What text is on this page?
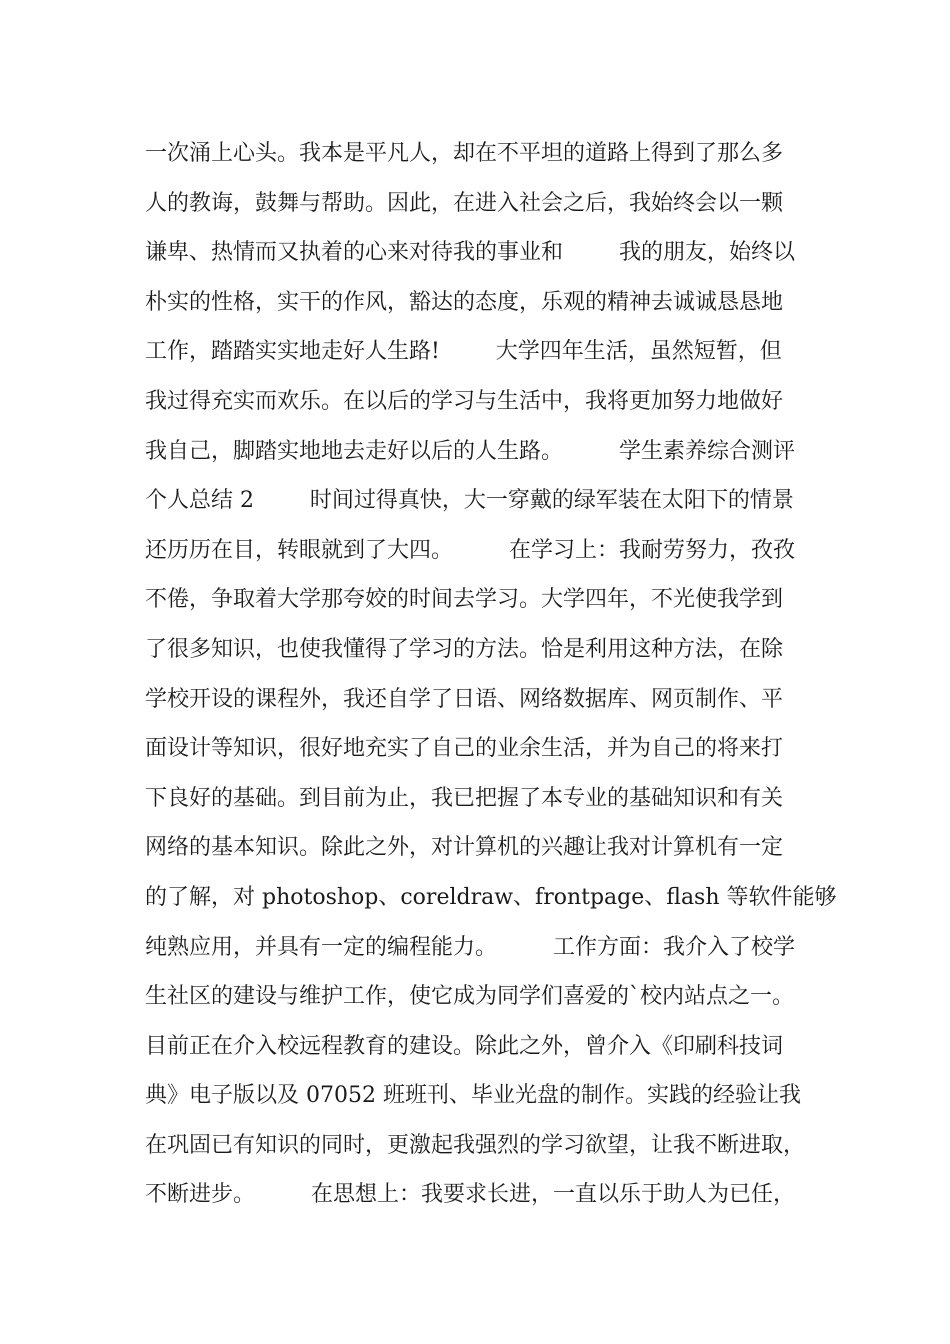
一次涌上心头。我本是平凡人，却在不平坦的道路上得到了那么多
人的教诲，鼓舞与帮助。因此，在进入社会之后，我始终会以一颗
谦卑、热情而又执着的心来对待我的事业和        我的朋友，始终以
朴实的性格，实干的作风，豁达的态度，乐观的精神去诚诚恳恳地
工作，踏踏实实地走好人生路!        大学四年生活，虽然短暂，但
我过得充实而欢乐。在以后的学习与生活中，我将更加努力地做好
我自己，脚踏实地地去走好以后的人生路。        学生素养综合测评
个人总结 2        时间过得真快，大一穿戴的绿军装在太阳下的情景
还历历在目，转眼就到了大四。        在学习上：我耐劳努力，孜孜
不倦，争取着大学那夸姣的时间去学习。大学四年，不光使我学到
了很多知识，也使我懂得了学习的方法。恰是利用这种方法，在除
学校开设的课程外，我还自学了日语、网络数据库、网页制作、平
面设计等知识，很好地充实了自己的业余生活，并为自己的将来打
下良好的基础。到目前为止，我已把握了本专业的基础知识和有关
网络的基本知识。除此之外，对计算机的兴趣让我对计算机有一定
的了解，对 photoshop、coreldraw、frontpage、flash 等软件能够
纯熟应用，并具有一定的编程能力。        工作方面：我介入了校学
生社区的建设与维护工作，使它成为同学们喜爱的`校内站点之一。
目前正在介入校远程教育的建设。除此之外，曾介入《印刷科技词
典》电子版以及 07052 班班刊、毕业光盘的制作。实践的经验让我
在巩固已有知识的同时，更激起我强烈的学习欲望，让我不断进取，
不断进步。        在思想上：我要求长进，一直以乐于助人为已任，
